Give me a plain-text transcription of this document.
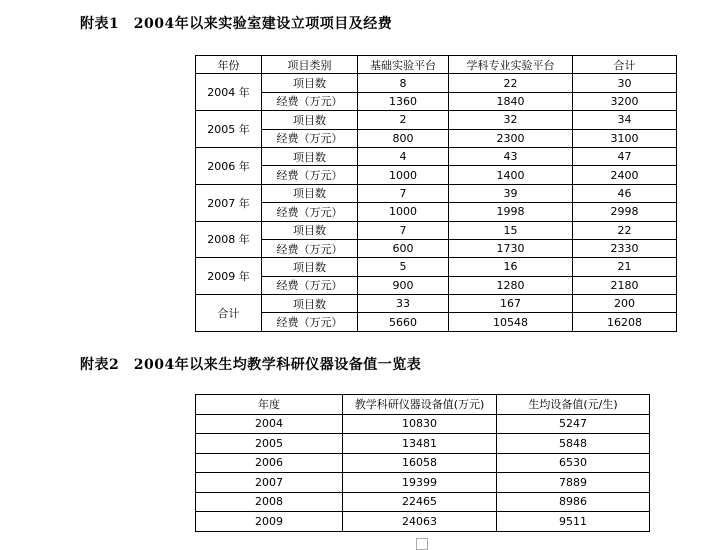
附表1　2004年以来实验室建设立项项目及经费
年份	项目类别	基础实验平台	学科专业实验平台	合计
2004 年	项目数	8	22	30
	经费（万元）	1360	1840	3200
2005 年	项目数	2	32	34
	经费（万元）	800	2300	3100
2006 年	项目数	4	43	47
	经费（万元）	1000	1400	2400
2007 年	项目数	7	39	46
	经费（万元）	1000	1998	2998
2008 年	项目数	7	15	22
	经费（万元）	600	1730	2330
2009 年	项目数	5	16	21
	经费（万元）	900	1280	2180
合计	项目数	33	167	200
	经费（万元）	5660	10548	16208
附表2　2004年以来生均教学科研仪器设备值一览表
年度	教学科研仪器设备值(万元)	生均设备值(元/生)
2004	10830	5247
2005	13481	5848
2006	16058	6530
2007	19399	7889
2008	22465	8986
2009	24063	9511
